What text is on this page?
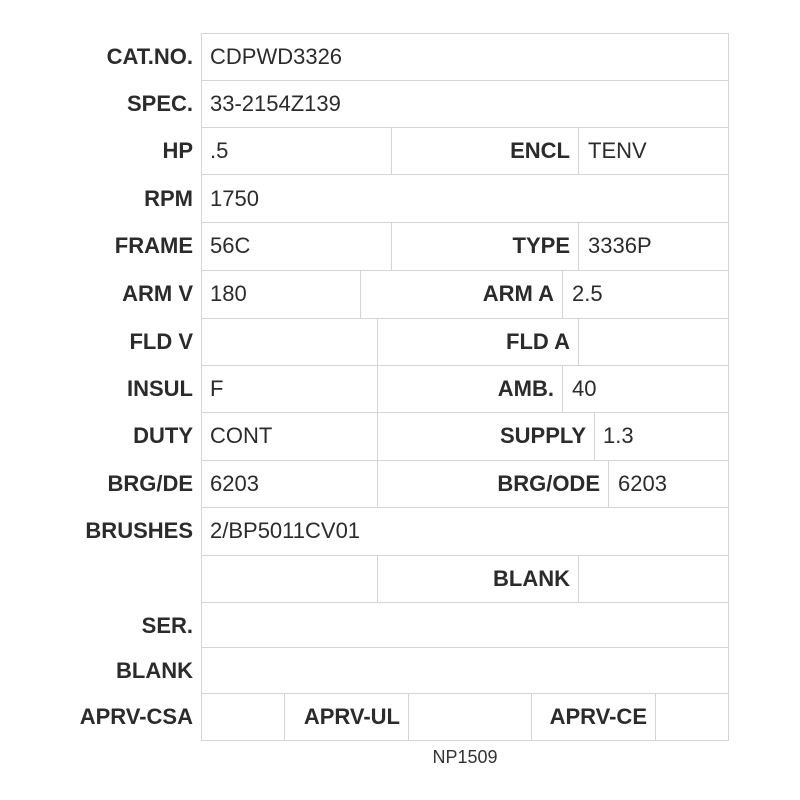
CAT.NO. CDPWD3326
SPEC. 33-2154Z139
HP .5	ENCL TENV
RPM 1750
FRAME 56C	TYPE 3336P
ARM V 180	ARM A 2.5
FLD V	FLD A
INSUL F	AMB. 40
DUTY CONT	SUPPLY 1.3
BRG/DE 6203	BRG/ODE 6203
BRUSHES 2/BP5011CV01
BLANK
SER.
BLANK
APRV-CSA	APRV-UL	APRV-CE
NP1509
